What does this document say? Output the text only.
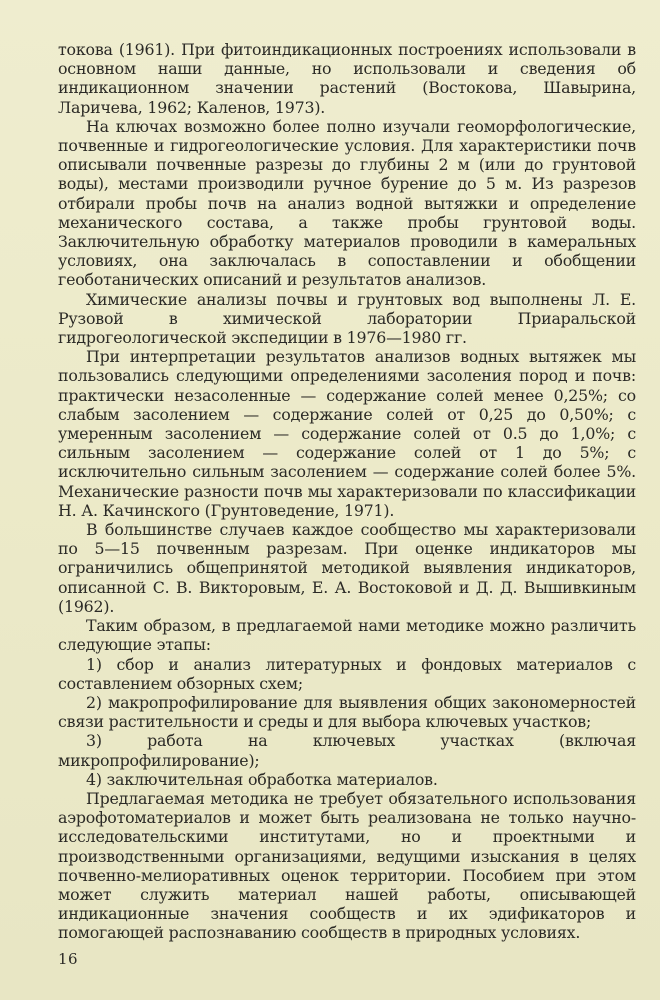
токова (1961). При фитоиндикационных построениях использовали в основном наши данные, но использовали и сведения об индикационном значении растений (Востокова, Шавырина, Ларичева, 1962; Каленов, 1973).

На ключах возможно более полно изучали геоморфологические, почвенные и гидрогеологические условия. Для характеристики почв описывали почвенные разрезы до глубины 2 м (или до грунтовой воды), местами производили ручное бурение до 5 м. Из разрезов отбирали пробы почв на анализ водной вытяжки и определение механического состава, а также пробы грунтовой воды. Заключительную обработку материалов проводили в камеральных условиях, она заключалась в сопоставлении и обобщении геоботанических описаний и результатов анализов.

Химические анализы почвы и грунтовых вод выполнены Л. Е. Рузовой в химической лаборатории Приаральской гидрогеологической экспедиции в 1976—1980 гг.

При интерпретации результатов анализов водных вытяжек мы пользовались следующими определениями засоления пород и почв: практически незасоленные — содержание солей менее 0,25%; со слабым засолением — содержание солей от 0,25 до 0,50%; с умеренным засолением — содержание солей от 0.5 до 1,0%; с сильным засолением — содержание солей от 1 до 5%; с исключительно сильным засолением — содержание солей более 5%. Механические разности почв мы характеризовали по классификации Н. А. Качинского (Грунтоведение, 1971).

В большинстве случаев каждое сообщество мы характеризовали по 5—15 почвенным разрезам. При оценке индикаторов мы ограничились общепринятой методикой выявления индикаторов, описанной С. В. Викторовым, Е. А. Востоковой и Д. Д. Вышивкиным (1962).

Таким образом, в предлагаемой нами методике можно различить следующие этапы:

1) сбор и анализ литературных и фондовых материалов с составлением обзорных схем;

2) макропрофилирование для выявления общих закономерностей связи растительности и среды и для выбора ключевых участков;

3) работа на ключевых участках (включая микропрофилирование);

4) заключительная обработка материалов.

Предлагаемая методика не требует обязательного использования аэрофотоматериалов и может быть реализована не только научно-исследовательскими институтами, но и проектными и производственными организациями, ведущими изыскания в целях почвенно-мелиоративных оценок территории. Пособием при этом может служить материал нашей работы, описывающей индикационные значения сообществ и их эдификаторов и помогающей распознаванию сообществ в природных условиях.

16
